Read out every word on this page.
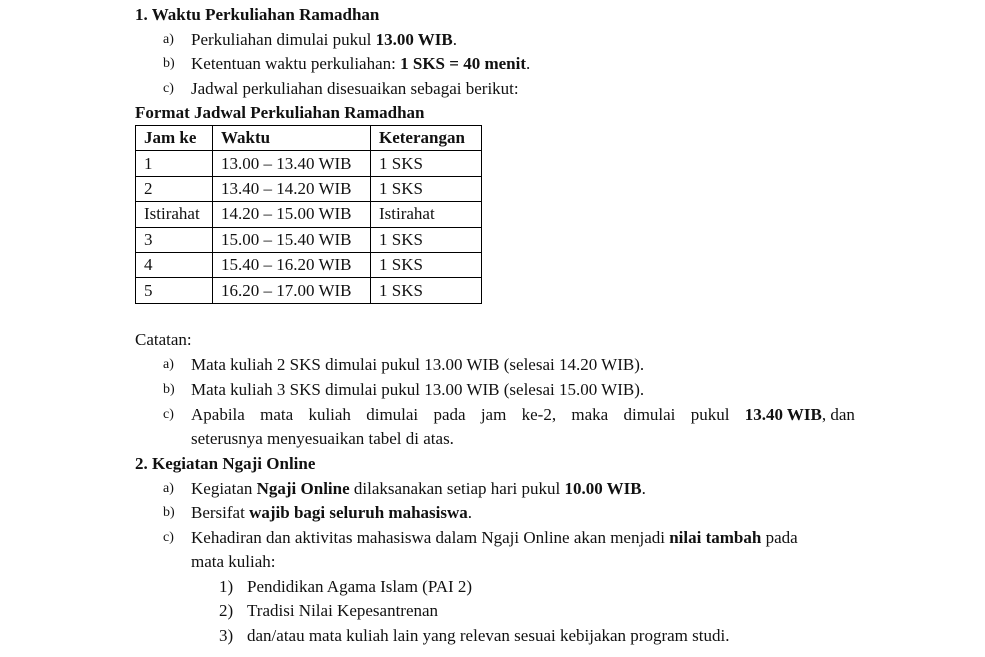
1. Waktu Perkuliahan Ramadhan
a) Perkuliahan dimulai pukul 13.00 WIB.
b) Ketentuan waktu perkuliahan: 1 SKS = 40 menit.
c) Jadwal perkuliahan disesuaikan sebagai berikut:
Format Jadwal Perkuliahan Ramadhan
Jam ke	Waktu	Keterangan
1	13.00 – 13.40 WIB	1 SKS
2	13.40 – 14.20 WIB	1 SKS
Istirahat	14.20 – 15.00 WIB	Istirahat
3	15.00 – 15.40 WIB	1 SKS
4	15.40 – 16.20 WIB	1 SKS
5	16.20 – 17.00 WIB	1 SKS
Catatan:
a) Mata kuliah 2 SKS dimulai pukul 13.00 WIB (selesai 14.20 WIB).
b) Mata kuliah 3 SKS dimulai pukul 13.00 WIB (selesai 15.00 WIB).
c) Apabila mata kuliah dimulai pada jam ke-2, maka dimulai pukul 13.40 WIB, dan
seterusnya menyesuaikan tabel di atas.
2. Kegiatan Ngaji Online
a) Kegiatan Ngaji Online dilaksanakan setiap hari pukul 10.00 WIB.
b) Bersifat wajib bagi seluruh mahasiswa.
c) Kehadiran dan aktivitas mahasiswa dalam Ngaji Online akan menjadi nilai tambah pada
mata kuliah:
1) Pendidikan Agama Islam (PAI 2)
2) Tradisi Nilai Kepesantrenan
3) dan/atau mata kuliah lain yang relevan sesuai kebijakan program studi.
